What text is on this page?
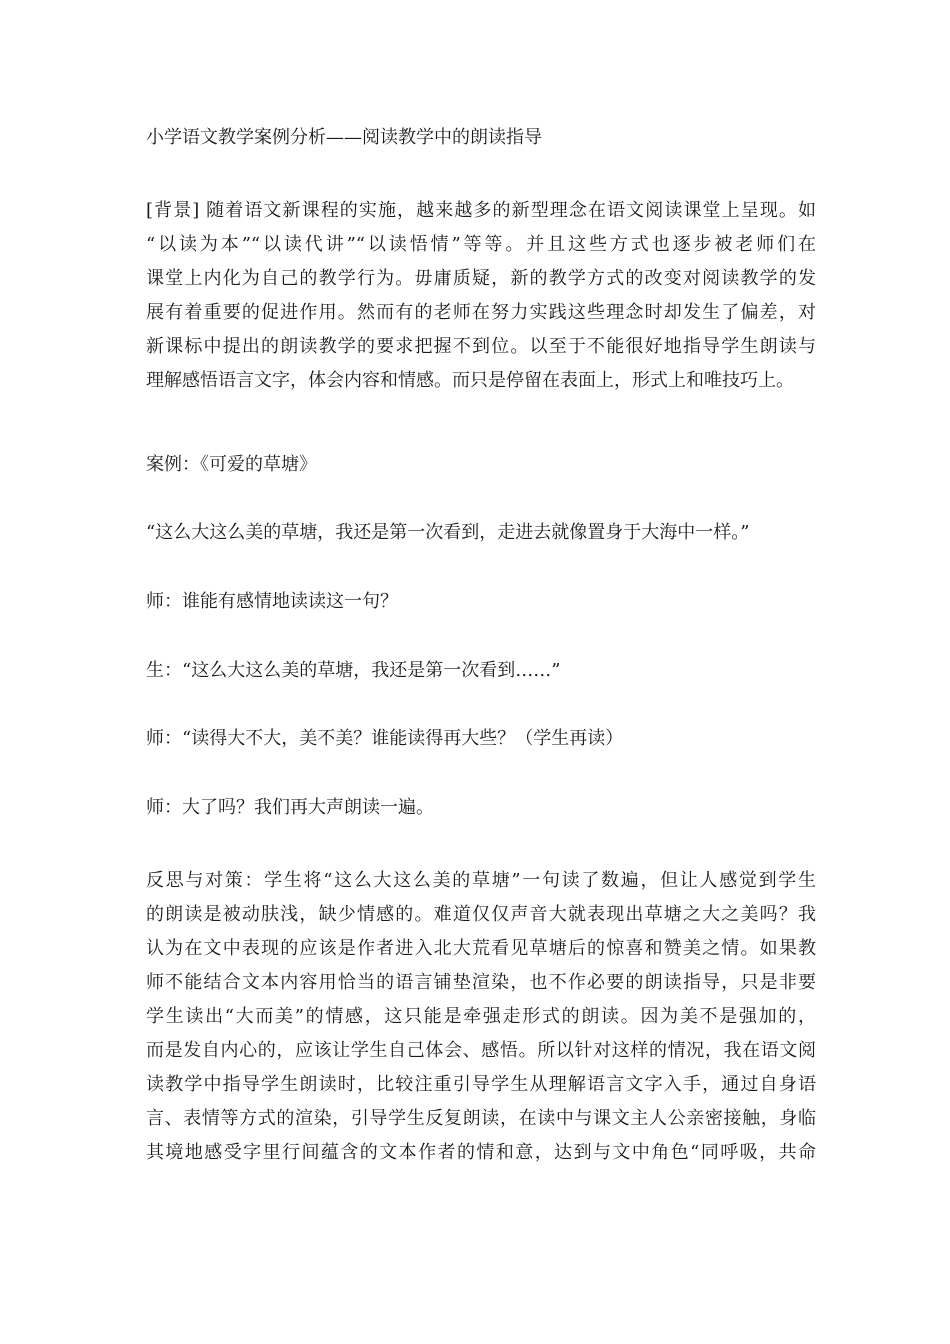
小学语文教学案例分析——阅读教学中的朗读指导
[背景] 随着语文新课程的实施，越来越多的新型理念在语文阅读课堂上呈现。如
“以读为本”“以读代讲”“以读悟情”等等。并且这些方式也逐步被老师们在
课堂上内化为自己的教学行为。毋庸质疑，新的教学方式的改变对阅读教学的发
展有着重要的促进作用。然而有的老师在努力实践这些理念时却发生了偏差，对
新课标中提出的朗读教学的要求把握不到位。以至于不能很好地指导学生朗读与
理解感悟语言文字，体会内容和情感。而只是停留在表面上，形式上和唯技巧上。
案例：《可爱的草塘》
“这么大这么美的草塘，我还是第一次看到，走进去就像置身于大海中一样。”
师：谁能有感情地读读这一句？
生：“这么大这么美的草塘，我还是第一次看到……”
师：“读得大不大，美不美？谁能读得再大些？（学生再读）
师：大了吗？我们再大声朗读一遍。
反思与对策：学生将“这么大这么美的草塘”一句读了数遍，但让人感觉到学生
的朗读是被动肤浅，缺少情感的。难道仅仅声音大就表现出草塘之大之美吗？我
认为在文中表现的应该是作者进入北大荒看见草塘后的惊喜和赞美之情。如果教
师不能结合文本内容用恰当的语言铺垫渲染，也不作必要的朗读指导，只是非要
学生读出“大而美”的情感，这只能是牵强走形式的朗读。因为美不是强加的，
而是发自内心的，应该让学生自己体会、感悟。所以针对这样的情况，我在语文阅
读教学中指导学生朗读时，比较注重引导学生从理解语言文字入手，通过自身语
言、表情等方式的渲染，引导学生反复朗读，在读中与课文主人公亲密接触，身临
其境地感受字里行间蕴含的文本作者的情和意，达到与文中角色“同呼吸，共命
